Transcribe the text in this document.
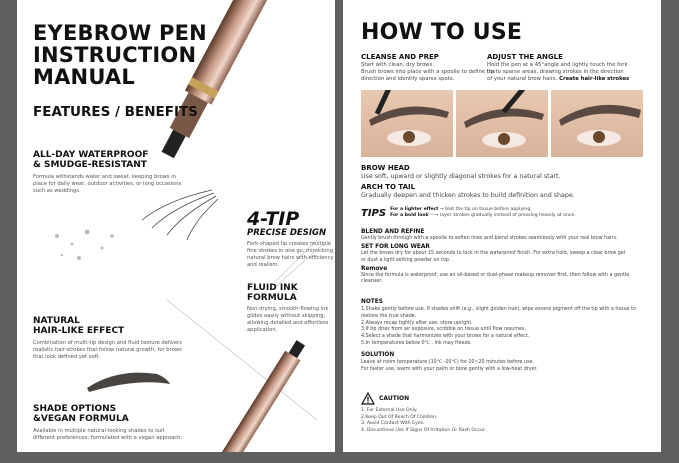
EYEBROW PEN
INSTRUCTION
MANUAL
FEATURES / BENEFITS
ALL-DAY WATERPROOF
& SMUDGE-RESISTANT
Formula withstands water and sweat, keeping brows in place for daily wear, outdoor activities, or long occasions such as weddings.
NATURAL
HAIR-LIKE EFFECT
Combination of multi-tip design and fluid texture delivers realistic hair-strokes that follow natural growth, for brows that look defined yet soft.
SHADE OPTIONS
&VEGAN FORMULA
Available in multiple natural-looking shades to suit different preferences; formulated with a vegan approach.
4-TIP
PRECISE DESIGN
Fork-shaped tip creates multiple fine strokes in one go, mimicking natural brow hairs with efficiency and realism.
FLUID INK
FORMULA
Non-drying, smooth-flowing ink glides easily without skipping, allowing detailed and effortless application.
HOW TO USE
CLEANSE AND PREP
Start with clean, dry brows.
Brush brows into place with a spoolie to define the
direction and identify sparse spots.
ADJUST THE ANGLE
Hold the pen at a 45°angle and lightly touch the fork
tip to sparse areas, drawing strokes in the direction
of your natural brow hairs. Create hair-like strokes
BROW HEAD
Use soft, upward or slightly diagonal strokes for a natural start.
ARCH TO TAIL
Gradually deepen and thicken strokes to build definition and shape.
TIPS For a lighter effect → blot the tip on tissue before applying.
For a bold look —→ layer strokes gradually instead of pressing heavily at once.
BLEND AND REFINE
Gently brush through with a spoolie to soften lines and blend strokes seamlessly with your real brow hairs.
SET FOR LONG WEAR
Let the brows dry for about 15 seconds to lock in the waterproof finish. For extra hold, sweep a clear brow gel or dust a light setting powder on top.
Remove
Since the formula is waterproof, use an oil-based or dual-phase makeup remover first, then follow with a gentle cleanser.
NOTES
1.Shake gently before use. If shades shift (e.g., slight golden hue), wipe excess pigment off the tip with a tissue to restore the true shade.
2.Always recap tightly after use; store upright.
3.If tip dries from air exposure, scribble on tissue until flow resumes.
4.Select a shade that harmonizes with your brows for a natural effect.
5.In temperatures below 0℃ , ink may freeze.
SOLUTION
Leave at room temperature (10℃ -20℃) for 10~20 minutes before use.
For faster use, warm with your palm or blow gently with a low-heat dryer.
CAUTION
1. For External Use Only.
2.Keep Out Of Reach Of Children.
3. Avoid Contact With Eyes.
4. Discontinue Use If Signs Of Irritation Or Rash Occur.
